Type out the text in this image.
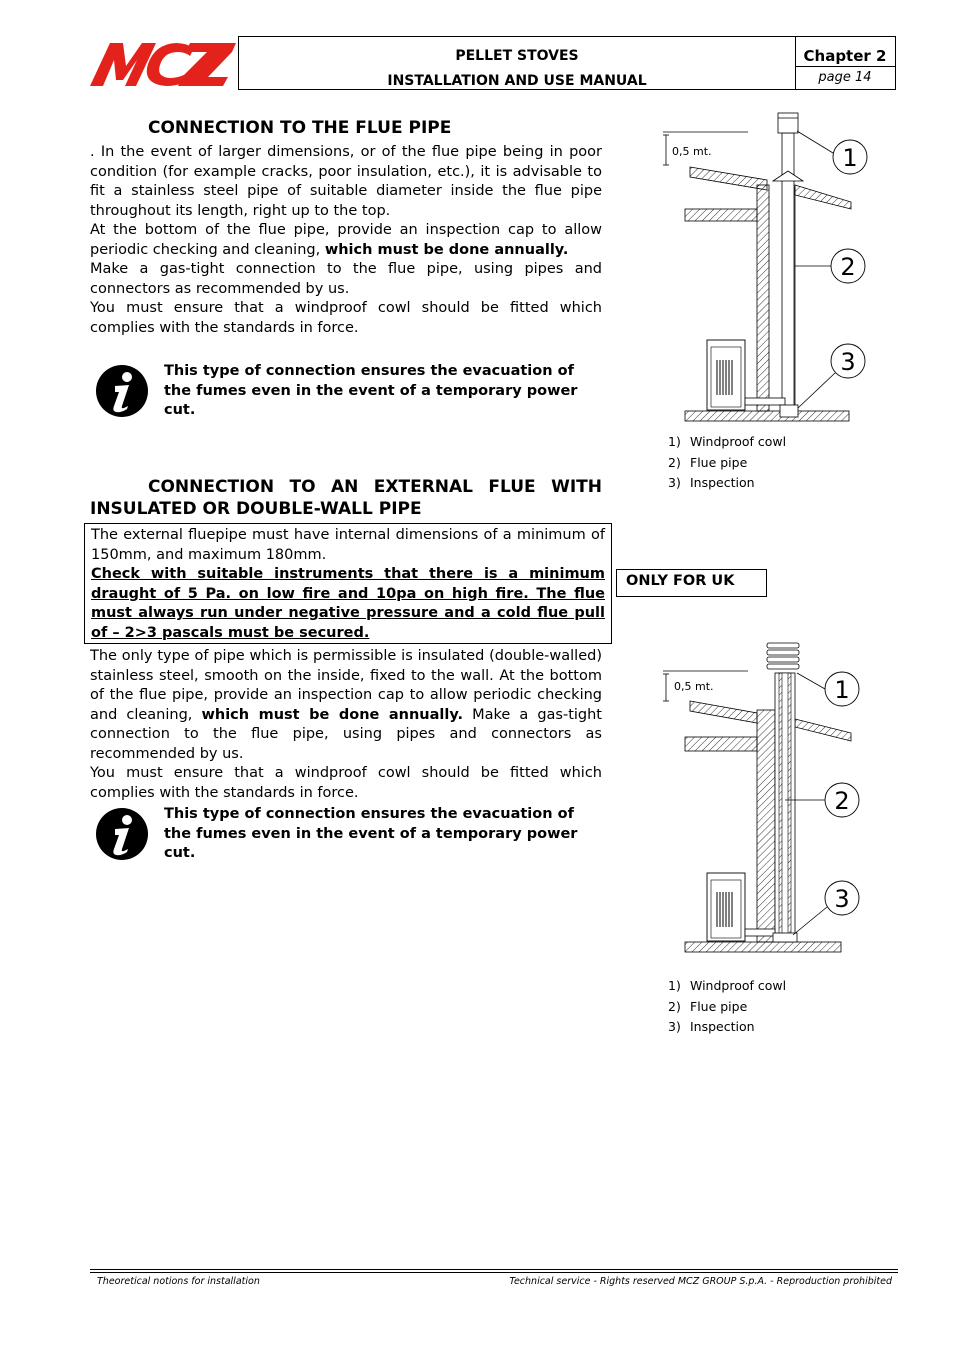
PELLET STOVES
INSTALLATION AND USE MANUAL
Chapter 2
page 14
CONNECTION TO THE FLUE PIPE
. In the event of larger dimensions, or of the flue pipe being in poor condition (for example cracks, poor insulation, etc.), it is advisable to fit a stainless steel pipe of suitable diameter inside the flue pipe throughout its length, right up to the top.
At the bottom of the flue pipe, provide an inspection cap to allow periodic checking and cleaning, which must be done annually.
Make a gas-tight connection to the flue pipe, using pipes and connectors as recommended by us.
You must ensure that a windproof cowl should be fitted which complies with the standards in force.
This type of connection ensures the evacuation of the fumes even in the event of a temporary power cut.
CONNECTION TO AN EXTERNAL FLUE WITH
INSULATED OR DOUBLE-WALL PIPE
The external fluepipe must have internal dimensions of a minimum of 150mm, and maximum 180mm.
Check with suitable instruments that there is a minimum draught of 5 Pa. on low fire and 10pa on high fire. The flue must always run under negative pressure and a cold flue pull of – 2>3 pascals must be secured.
The only type of pipe which is permissible is insulated (double-walled) stainless steel, smooth on the inside, fixed to the wall. At the bottom of the flue pipe, provide an inspection cap to allow periodic checking and cleaning, which must be done annually. Make a gas-tight connection to the flue pipe, using pipes and connectors as recommended by us.
You must ensure that a windproof cowl should be fitted which complies with the standards in force.
This type of connection ensures the evacuation of the fumes even in the event of a temporary power cut.
ONLY FOR UK
0,5 mt.	1
2
3
1) Windproof cowl
2) Flue pipe
3) Inspection
0,5 mt.	1
2
3
1) Windproof cowl
2) Flue pipe
3) Inspection
Theoretical notions for installation	Technical service - Rights reserved MCZ GROUP S.p.A. - Reproduction prohibited
